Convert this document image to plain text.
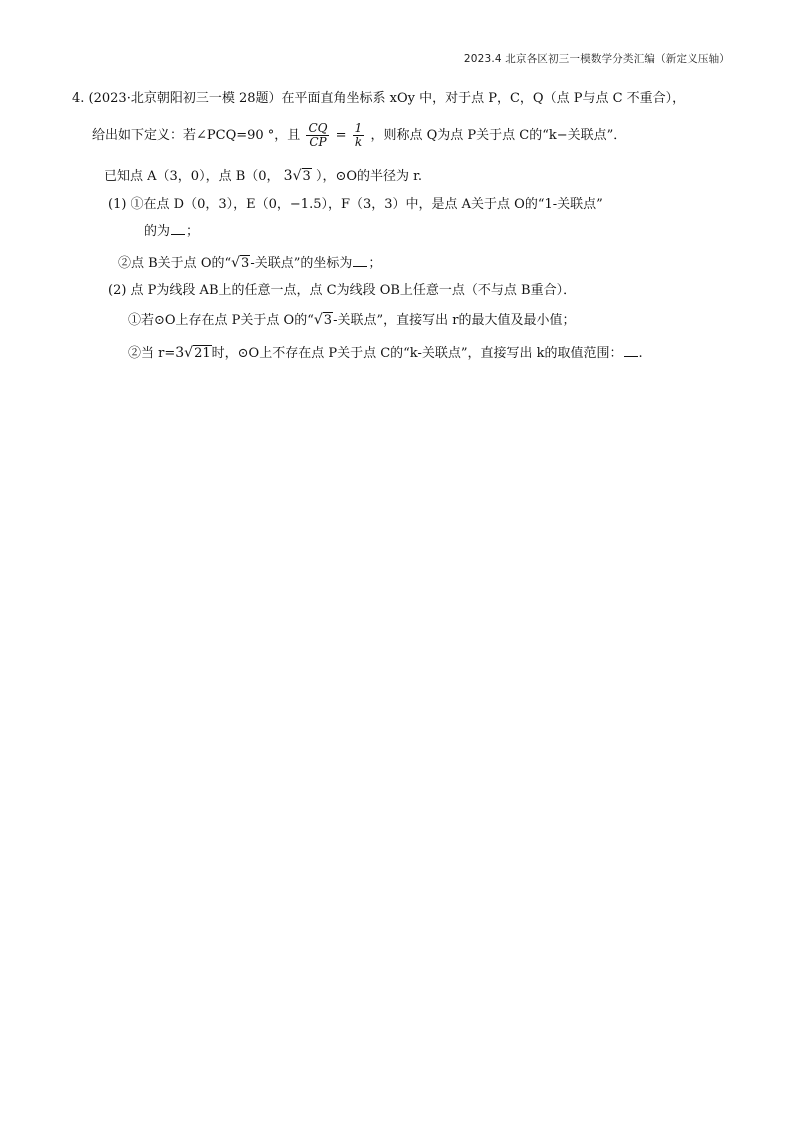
2023.4 北京各区初三一模数学分类汇编（新定义压轴）
4. (2023·北京朝阳初三一模 28题）在平面直角坐标系 xOy 中，对于点 P，C，Q（点 P与点 C 不重合），
给出如下定义：若∠PCQ=90 °，且 $\frac{CQ}{CP} = \frac{1}{k}$ ，则称点 Q为点 P关于点 C的“k−关联点”．
已知点 A（3，0），点 B（0， 3√3 ），⊙O的半径为 r.
(1) ①在点 D（0，3），E（0，−1.5），F（3，3）中，是点 A关于点 O的“1-关联点”
的为 ；
②点 B关于点 O的“√3-关联点”的坐标为 ；
(2) 点 P为线段 AB上的任意一点，点 C为线段 OB上任意一点（不与点 B重合）．
①若⊙O上存在点 P关于点 O的“√3-关联点”，直接写出 r的最大值及最小值；
②当 r=3√21时，⊙O上不存在点 P关于点 C的“k-关联点”，直接写出 k的取值范围： .
